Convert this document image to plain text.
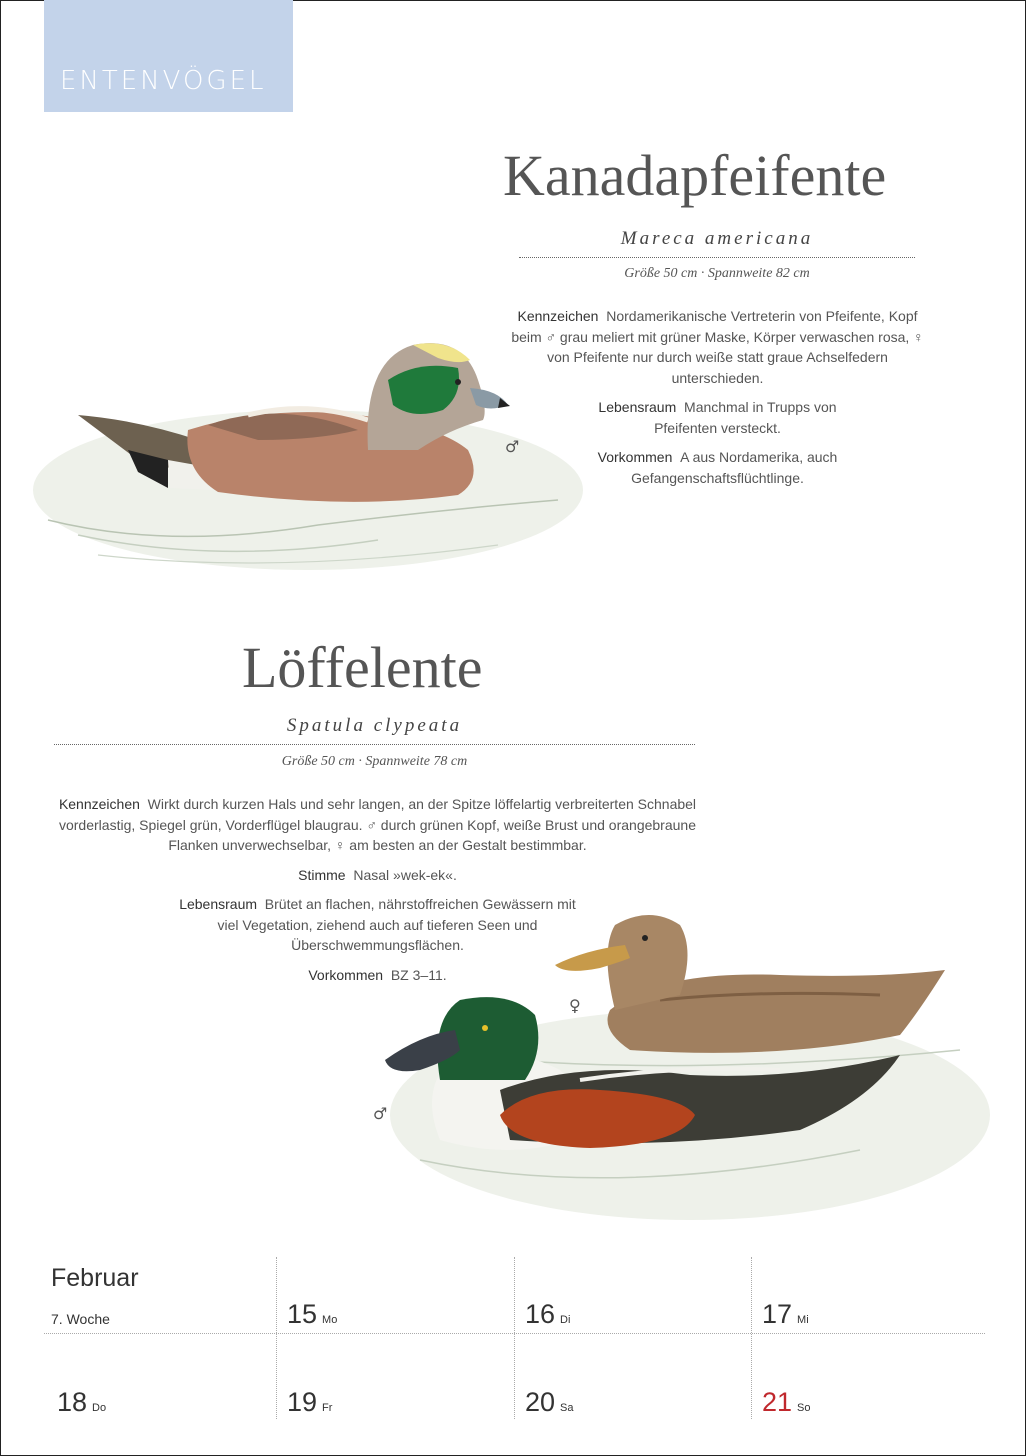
ENTENVÖGEL
Kanadapfeifente
Mareca americana
Größe 50 cm · Spannweite 82 cm

Kennzeichen Nordamerikanische Vertreterin von Pfeifente, Kopf beim ♂ grau meliert mit grüner Maske, Körper verwaschen rosa, ♀ von Pfeifente nur durch weiße statt graue Achselfedern unterschieden.

Lebensraum Manchmal in Trupps von Pfeifenten versteckt.

Vorkommen A aus Nordamerika, auch Gefangenschaftsflüchtlinge.

♂
Löffelente
Spatula clypeata
Größe 50 cm · Spannweite 78 cm

Kennzeichen Wirkt durch kurzen Hals und sehr langen, an der Spitze löffelartig verbreiterten Schnabel vorderlastig, Spiegel grün, Vorderflügel blaugrau. ♂ durch grünen Kopf, weiße Brust und orangebraune Flanken unverwechselbar, ♀ am besten an der Gestalt bestimmbar.

Stimme Nasal »wek-ek«.

Lebensraum Brütet an flachen, nährstoffreichen Gewässern mit viel Vegetation, ziehend auch auf tieferen Seen und Überschwemmungsflächen.

Vorkommen BZ 3–11.

♀
♂
Februar
7. Woche	15 Mo	16 Di	17 Mi
18 Do	19 Fr	20 Sa	21 So
